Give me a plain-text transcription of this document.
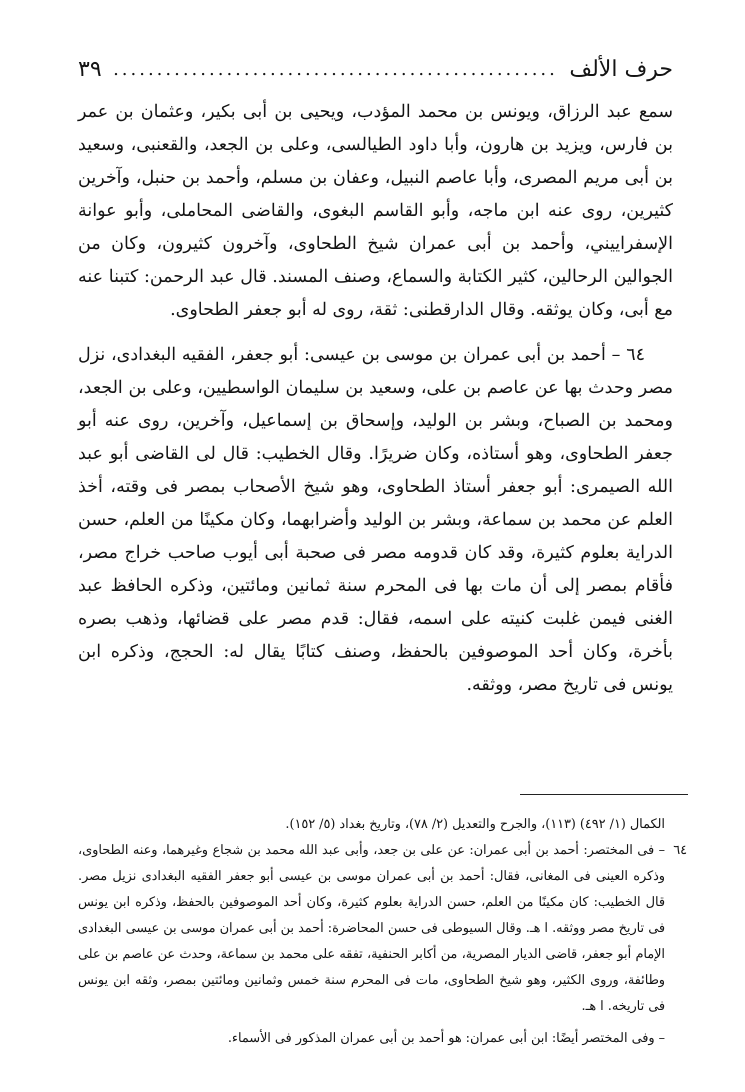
حرف الألف
...................................................
٣٩

سمع عبد الرزاق، ويونس بن محمد المؤدب، ويحيى بن أبى بكير، وعثمان بن عمر بن فارس، ويزيد بن هارون، وأبا داود الطيالسى، وعلى بن الجعد، والقعنبى، وسعيد بن أبى مريم المصرى، وأبا عاصم النبيل، وعفان بن مسلم، وأحمد بن حنبل، وآخرين كثيرين، روى عنه ابن ماجه، وأبو القاسم البغوى، والقاضى المحاملى، وأبو عوانة الإسفراييني، وأحمد بن أبى عمران شيخ الطحاوى، وآخرون كثيرون، وكان من الجوالين الرحالين، كثير الكتابة والسماع، وصنف المسند. قال عبد الرحمن: كتبنا عنه مع أبى، وكان يوثقه. وقال الدارقطنى: ثقة، روى له أبو جعفر الطحاوى.

٦٤ – أحمد بن أبى عمران بن موسى بن عيسى: أبو جعفر، الفقيه البغدادى، نزل مصر وحدث بها عن عاصم بن على، وسعيد بن سليمان الواسطيين، وعلى بن الجعد، ومحمد بن الصباح، وبشر بن الوليد، وإسحاق بن إسماعيل، وآخرين، روى عنه أبو جعفر الطحاوى، وهو أستاذه، وكان ضريرًا. وقال الخطيب: قال لى القاضى أبو عبد الله الصيمرى: أبو جعفر أستاذ الطحاوى، وهو شيخ الأصحاب بمصر فى وقته، أخذ العلم عن محمد بن سماعة، وبشر بن الوليد وأضرابهما، وكان مكينًا من العلم، حسن الدراية بعلوم كثيرة، وقد كان قدومه مصر فى صحبة أبى أيوب صاحب خراج مصر، فأقام بمصر إلى أن مات بها فى المحرم سنة ثمانين ومائتين، وذكره الحافظ عبد الغنى فيمن غلبت كنيته على اسمه، فقال: قدم مصر على قضائها، وذهب بصره بأخرة، وكان أحد الموصوفين بالحفظ، وصنف كتابًا يقال له: الحجج، وذكره ابن يونس فى تاريخ مصر، ووثقه.

الكمال (١/ ٤٩٢) (١١٣)، والجرح والتعديل (٢/ ٧٨)، وتاريخ بغداد (٥/ ١٥٢).

٦٤
– فى المختصر: أحمد بن أبى عمران: عن على بن جعد، وأبى عبد الله محمد بن شجاع وغيرهما، وعنه الطحاوى، وذكره العينى فى المغانى، فقال: أحمد بن أبى عمران موسى بن عيسى أبو جعفر الفقيه البغدادى نزيل مصر. قال الخطيب: كان مكينًا من العلم، حسن الدراية بعلوم كثيرة، وكان أحد الموصوفين بالحفظ، وذكره ابن يونس فى تاريخ مصر ووثقه. ا هـ. وقال السيوطى فى حسن المحاضرة: أحمد بن أبى عمران موسى بن عيسى البغدادى الإمام أبو جعفر، قاضى الديار المصرية، من أكابر الحنفية، تفقه على محمد بن سماعة، وحدث عن عاصم بن على وطائفة، وروى الكثير، وهو شيخ الطحاوى، مات فى المحرم سنة خمس وثمانين ومائتين بمصر، وثقه ابن يونس فى تاريخه. ا هـ.

– وفى المختصر أيضًا: ابن أبى عمران: هو أحمد بن أبى عمران المذكور فى الأسماء.
